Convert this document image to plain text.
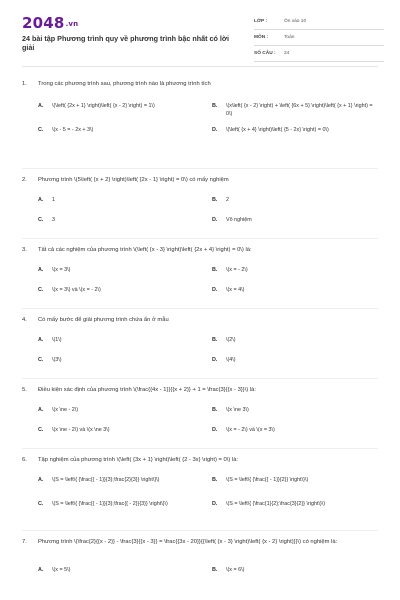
2048.vn
24 bài tập Phương trình quy về phương trình bậc nhất có lời giải
LỚP :	Ôn vào 10
MÔN :	Toán
SỐ CÂU : 24
1. Trong các phương trình sau, phương trình nào là phương trình tích
A. \(\left( {2x + 1} \right)\left( {x - 2} \right) = 1\)	B. \(x\left( {x - 2} \right) + \left( {6x + 5} \right)\left( {x + 1} \right) = 0\)
C. \(x - 5 = - 2x + 3\)	D. \(\left( {x + 4} \right)\left( {5 - 2x} \right) = 0\)
2. Phương trình \(5\left( {x + 2} \right)\left( {2x - 1} \right) = 0\) có mấy nghiệm
A. 1	B. 2
C. 3	D. Vô nghiệm
3. Tất cả các nghiệm của phương trình \(\left( {x - 3} \right)\left( {2x + 4} \right) = 0\) là:
A. \(x = 3\)	B. \(x = - 2\)
C. \(x = 3\) và \(x = - 2\)	D. \(x = 4\)
4. Có mấy bước để giải phương trình chứa ẩn ở mẫu
A. \(1\)	B. \(2\)
C. \(3\)	D. \(4\)
5. Điều kiện xác định của phương trình \(\frac{{4x - 1}}{{x + 2}} + 1 = \frac{3}{{x - 3}}\) là:
A. \(x \ne - 2\)	B. \(x \ne 3\)
C. \(x \ne - 2\) và \(x \ne 3\)	D. \(x = - 2\) và \(x = 3\)
6. Tập nghiệm của phương trình \(\left( {3x + 1} \right)\left( {2 - 3x} \right) = 0\) là:
A. \(S = \left\{ {\frac{{ - 1}}{3};\frac{2}{3}} \right\}\)	B. \(S = \left\{ {\frac{{ - 1}}{2}} \right\}\)
C. \(S = \left\{ {\frac{{ - 1}}{3};\frac{{ - 2}}{3}} \right\}\)	D. \(S = \left\{ {\frac{1}{2};\frac{3}{2}} \right\}\)
7. Phương trình \(\frac{2}{{x - 2}} - \frac{3}{{x - 3}} = \frac{{3x - 20}}{{\left( {x - 3} \right)\left( {x - 2} \right)}}\) có nghiệm là:
A. \(x = 5\)	B. \(x = 6\)
